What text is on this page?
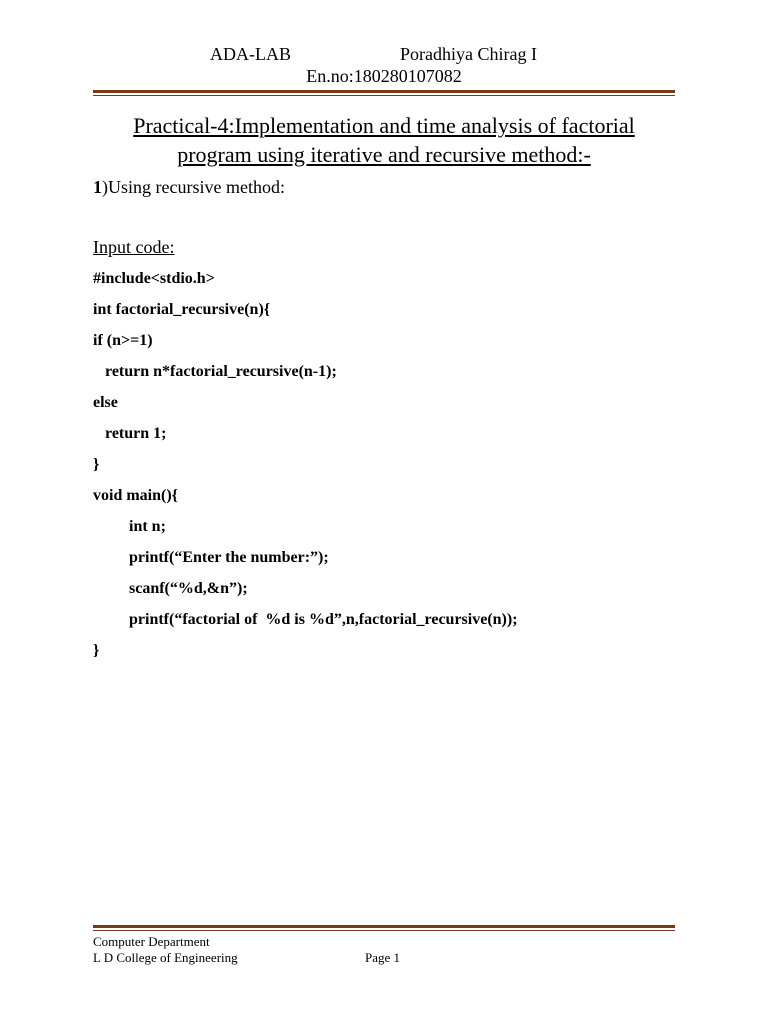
ADA-LAB	Poradhiya Chirag I
En.no:180280107082
Practical-4:Implementation and time analysis of factorial
program using iterative and recursive method:-
1)Using recursive method:
Input code:
#include<stdio.h>
int factorial_recursive(n){
if (n>=1)
return n*factorial_recursive(n-1);
else
return 1;
}
void main(){
int n;
printf(“Enter the number:”);
scanf(“%d,&n”);
printf(“factorial of  %d is %d”,n,factorial_recursive(n));
}
Computer Department
L D College of Engineering	Page 1
